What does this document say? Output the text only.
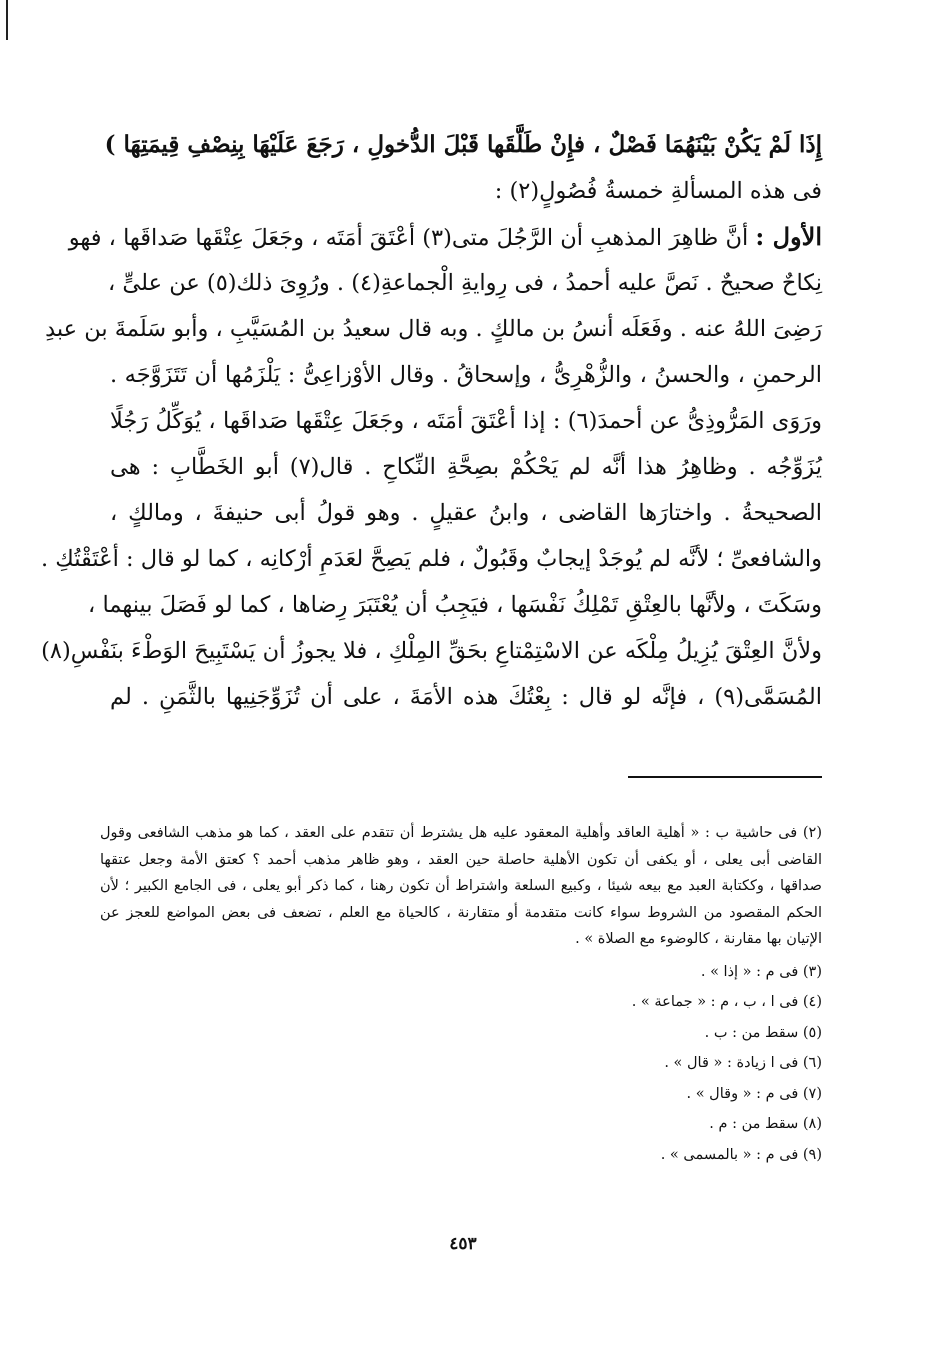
إِذَا لَمْ يَكُنْ بَيْنَهُمَا فَصْلٌ ، فإِنْ طَلَّقَها قَبْلَ الدُّخولِ ، رَجَعَ عَلَيْهَا بِنِصْفِ قِيمَتِهَا )
فى هذه المسألةِ خمسةُ فُصُولٍ(٢) :
الأول : أنَّ ظاهِرَ المذهبِ أن الرَّجُلَ متى(٣) أعْتَقَ أمَتَه ، وجَعَلَ عِتْقَها صَداقَها ، فهو
نِكاحٌ صحيحٌ . نَصَّ عليه أحمدُ ، فى رِوايةِ الْجماعةِ(٤) . ورُوِىَ ذلك(٥) عن علىٍّ ،
رَضِىَ اللهُ عنه . وفَعَلَه أنسُ بن مالكٍ . وبه قال سعيدُ بن المُسَيَّبِ ، وأبو سَلَمةَ بن عبدِ
الرحمنِ ، والحسنُ ، والزُّهْرِىُّ ، وإسحاقُ . وقال الأوْزاعِىُّ : يَلْزَمُها أن تَتَزَوَّجَه .
ورَوَى المَرُّوذِىُّ عن أحمدَ(٦) : إذا أعْتَقَ أمَتَه ، وجَعَلَ عِتْقَها صَداقَها ، يُوَكِّلُ رَجُلًا
يُزَوِّجُه . وظاهِرُ هذا أنَّه لم يَحْكُمْ بصِحَّةِ النِّكاحِ . قال(٧) أبو الخَطَّابِ : هى
الصحيحةُ . واختارَها القاضى ، وابنُ عقيلٍ . وهو قولُ أبى حنيفةَ ، ومالكٍ ،
والشافعىِّ ؛ لأنَّه لم يُوجَدْ إيجابٌ وقَبُولٌ ، فلم يَصِحَّ لعَدَمِ أرْكانِه ، كما لو قال : أعْتَقْتُكِ .
وسَكَتَ ، ولأنَّها بالعِتْقِ تَمْلِكُ نَفْسَها ، فيَجِبُ أن يُعْتَبَرَ رِضاها ، كما لو فَصَلَ بينهما ،
ولأنَّ العِتْقَ يُزِيلُ مِلْكَه عن الاسْتِمْتاعِ بحَقِّ المِلْكِ ، فلا يجوزُ أن يَسْتَبِيحَ الوَطْءَ بنَفْسِ(٨)
المُسَمَّى(٩) ، فإنَّه لو قال : بِعْتُكَ هذه الأمَةَ ، على أن تُزَوِّجَنِيها بالثَّمَنِ . لم
(٢) فى حاشية ب : « أهلية العاقد وأهلية المعقود عليه هل يشترط أن تتقدم على العقد ، كما هو مذهب الشافعى وقول
القاضى أبى يعلى ، أو يكفى أن تكون الأهلية حاصلة حين العقد ، وهو ظاهر مذهب أحمد ؟ كعتق الأمة وجعل عتقها
صداقها ، وككتابة العبد مع بيعه شيئا ، وكبيع السلعة واشتراط أن تكون رهنا ، كما ذكر أبو يعلى ، فى الجامع الكبير ؛ لأن
الحكم المقصود من الشروط سواء كانت متقدمة أو متقارنة ، كالحياة مع العلم ، تضعف فى بعض المواضع للعجز عن
الإتيان بها مقارنة ، كالوضوء مع الصلاة » .
(٣) فى م : « إذا » .
(٤) فى ا ، ب ، م : « جماعة » .
(٥) سقط من : ب .
(٦) فى ا زيادة : « قال » .
(٧) فى م : « وقال » .
(٨) سقط من : م .
(٩) فى م : « بالمسمى » .
٤٥٣
